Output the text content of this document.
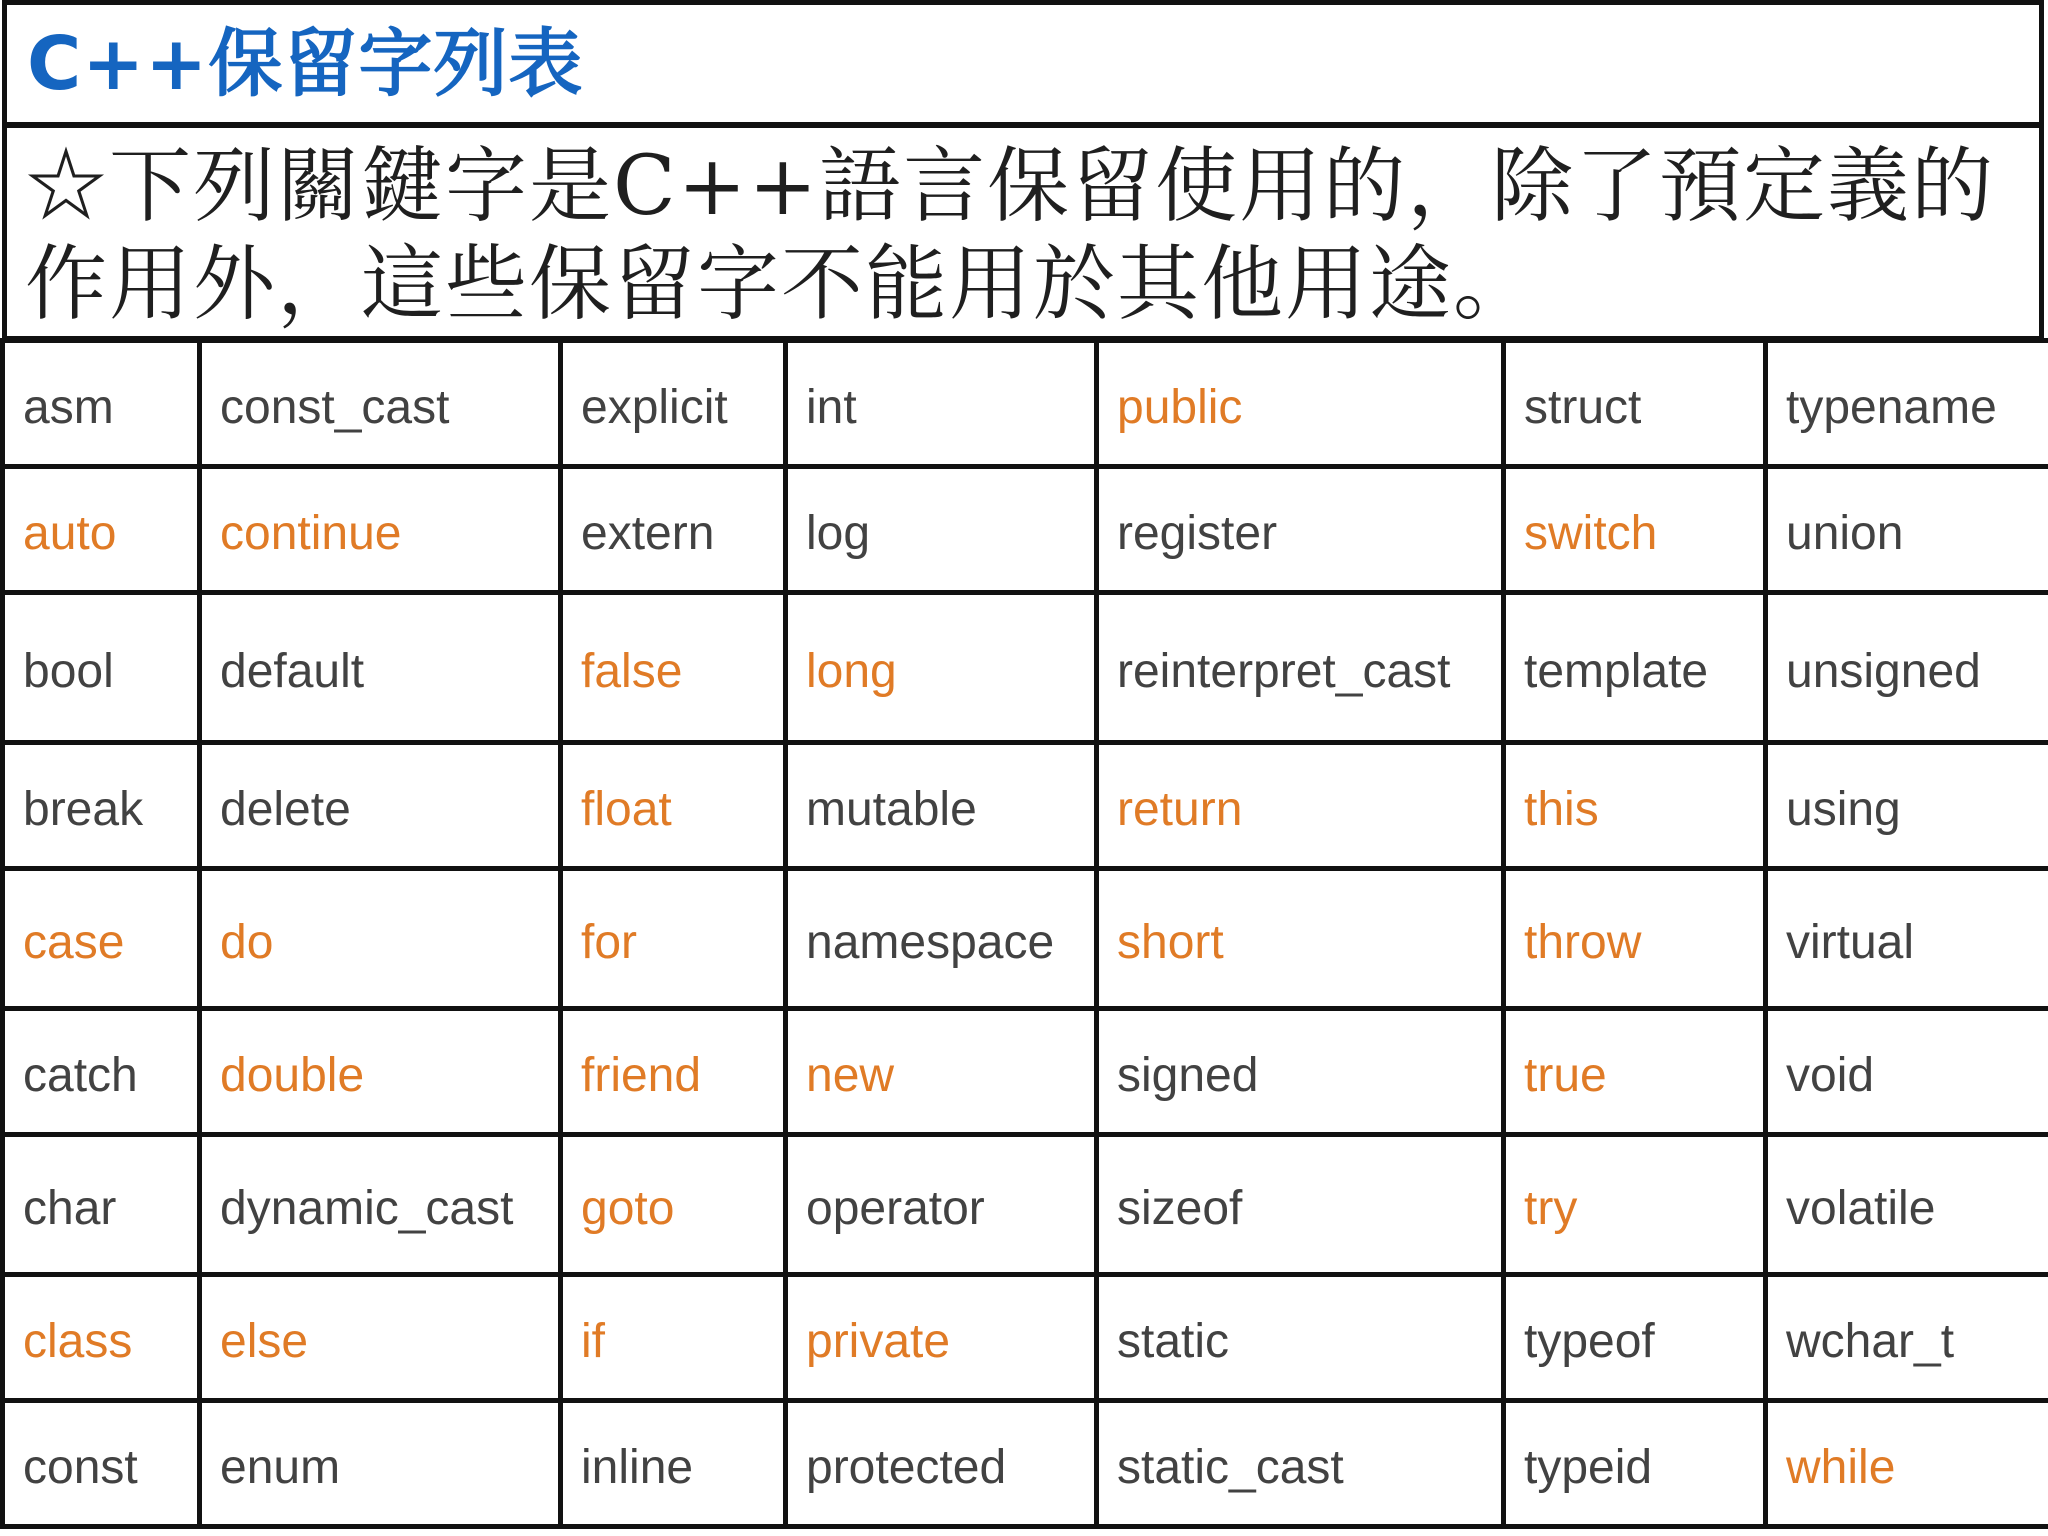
C++保留字列表

☆下列關鍵字是C++語言保留使用的，除了預定義的作用外，這些保留字不能用於其他用途。

asm	const_cast	explicit	int	public	struct	typename
auto	continue	extern	log	register	switch	union
bool	default	false	long	reinterpret_cast	template	unsigned
break	delete	float	mutable	return	this	using
case	do	for	namespace	short	throw	virtual
catch	double	friend	new	signed	true	void
char	dynamic_cast	goto	operator	sizeof	try	volatile
class	else	if	private	static	typeof	wchar_t
const	enum	inline	protected	static_cast	typeid	while
